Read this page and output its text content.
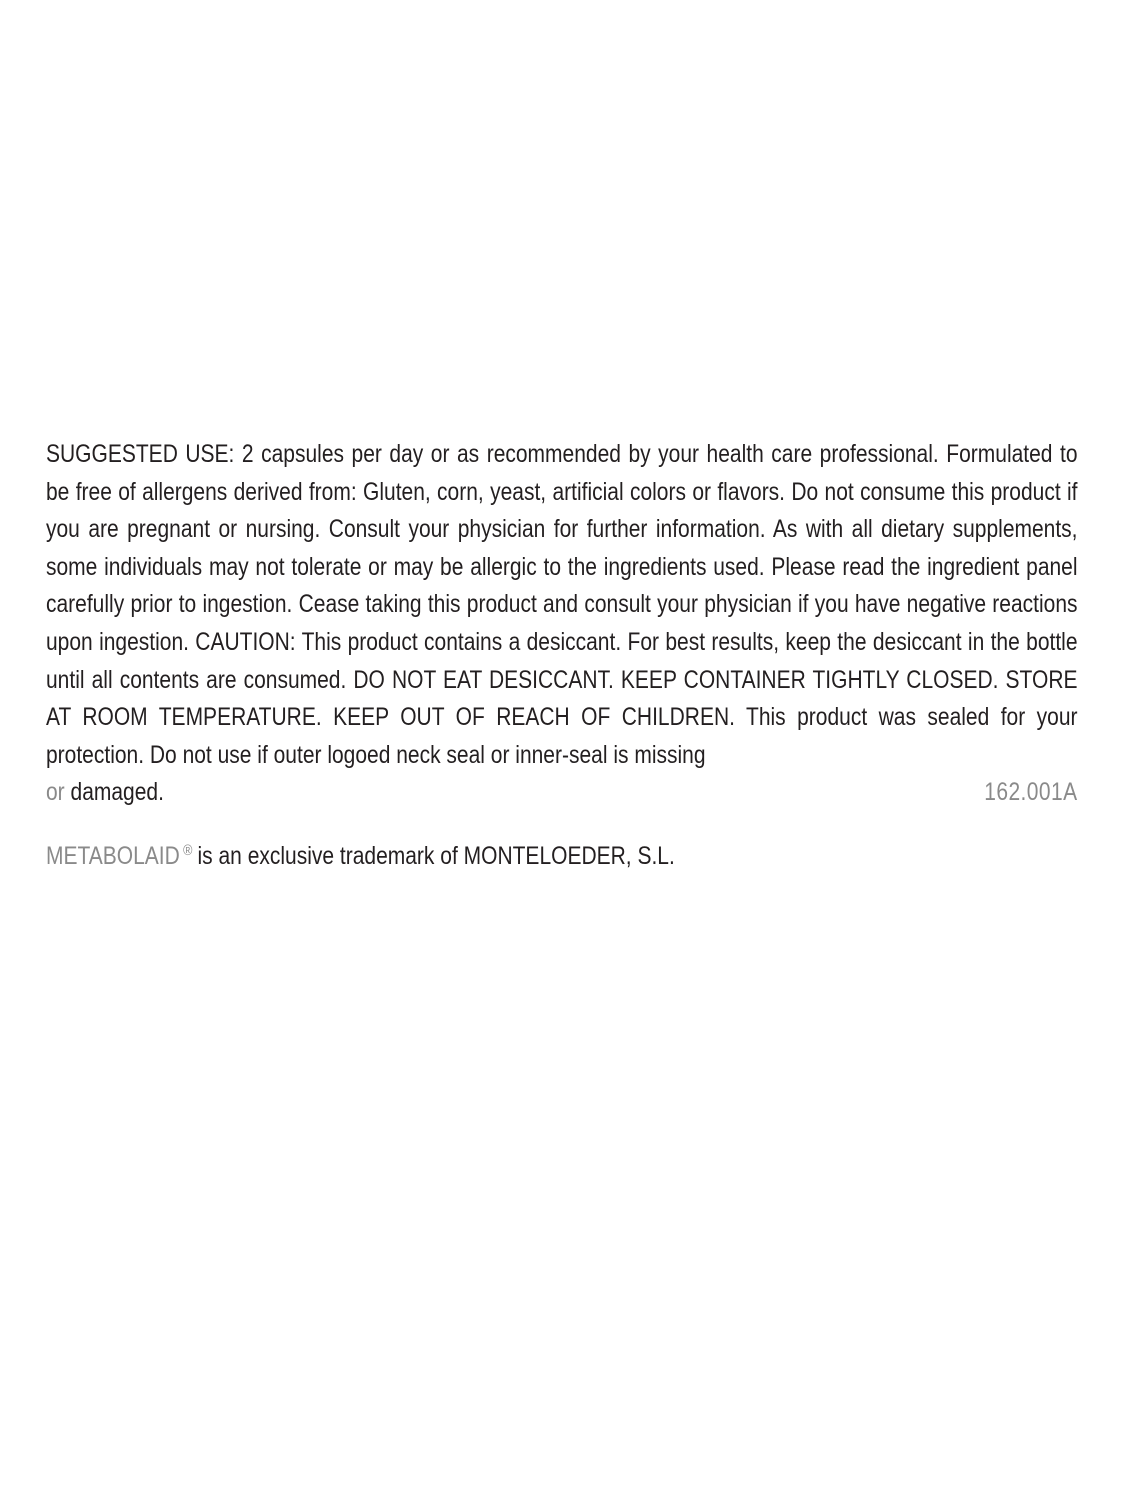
SUGGESTED USE: 2 capsules per day or as recommended by your health care professional. Formulated to be free of allergens derived from: Gluten, corn, yeast, artificial colors or flavors. Do not consume this product if you are pregnant or nursing. Consult your physician for further information. As with all dietary supplements, some individuals may not tolerate or may be allergic to the ingredients used. Please read the ingredient panel carefully prior to ingestion. Cease taking this product and consult your physician if you have negative reactions upon ingestion. CAUTION: This product contains a desiccant. For best results, keep the desiccant in the bottle until all contents are consumed. DO NOT EAT DESICCANT. KEEP CONTAINER TIGHTLY CLOSED. STORE AT ROOM TEMPERATURE. KEEP OUT OF REACH OF CHILDREN. This product was sealed for your protection. Do not use if outer logoed neck seal or inner-seal is missing

or damaged.	162.001A

METABOLAID ® is an exclusive trademark of MONTELOEDER, S.L.
